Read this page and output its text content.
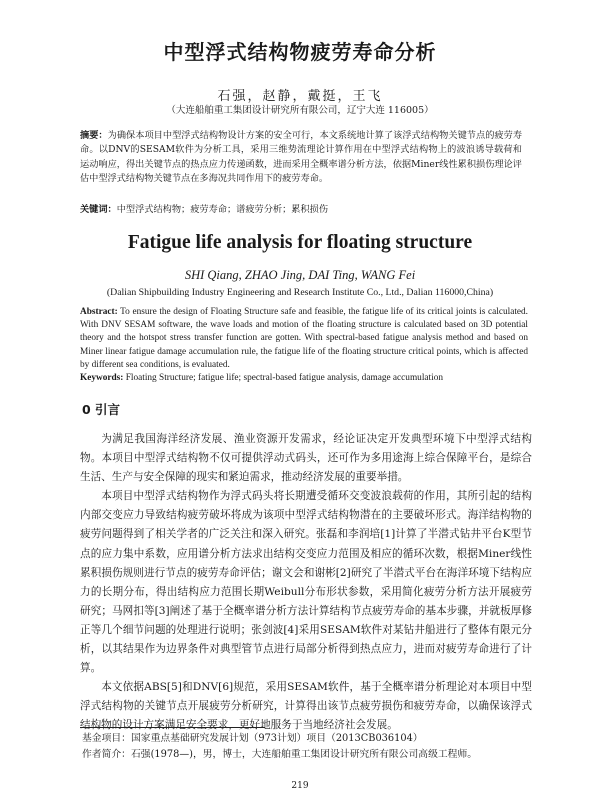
中型浮式结构物疲劳寿命分析
石强，赵静，戴挺，王飞
（大连船舶重工集团设计研究所有限公司，辽宁大连 116005）
摘要：为确保本项目中型浮式结构物设计方案的安全可行，本文系统地计算了该浮式结构物关键节点的疲劳寿命。以DNV的SESAM软件为分析工具，采用三维势流理论计算作用在中型浮式结构物上的波浪诱导载荷和运动响应，得出关键节点的热点应力传递函数，进而采用全概率谱分析方法，依据Miner线性累积损伤理论评估中型浮式结构物关键节点在多海况共同作用下的疲劳寿命。
关键词：中型浮式结构物；疲劳寿命；谱疲劳分析；累积损伤
Fatigue life analysis for floating structure
SHI Qiang, ZHAO Jing, DAI Ting, WANG Fei
(Dalian Shipbuilding Industry Engineering and Research Institute Co., Ltd., Dalian 116000,China)
Abstract: To ensure the design of Floating Structure safe and feasible, the fatigue life of its critical joints is calculated. With DNV SESAM software, the wave loads and motion of the floating structure is calculated based on 3D potential theory and the hotspot stress transfer function are gotten. With spectral-based fatigue analysis method and based on Miner linear fatigue damage accumulation rule, the fatigue life of the floating structure critical points, which is affected by different sea conditions, is evaluated.
Keywords: Floating Structure; fatigue life; spectral-based fatigue analysis, damage accumulation
0 引言

为满足我国海洋经济发展、渔业资源开发需求，经论证决定开发典型环境下中型浮式结构物。本项目中型浮式结构物不仅可提供浮动式码头，还可作为多用途海上综合保障平台，是综合生活、生产与安全保障的现实和紧迫需求，推动经济发展的重要举措。

本项目中型浮式结构物作为浮式码头将长期遭受循环交变波浪载荷的作用，其所引起的结构内部交变应力导致结构疲劳破坏将成为该项中型浮式结构物潜在的主要破坏形式。海洋结构物的疲劳问题得到了相关学者的广泛关注和深入研究。张磊和李润培[1]计算了半潜式钻井平台K型节点的应力集中系数，应用谱分析方法求出结构交变应力范围及相应的循环次数，根据Miner线性累积损伤规则进行节点的疲劳寿命评估；谢文会和谢彬[2]研究了半潜式平台在海洋环境下结构应力的长期分布，得出结构应力范围长期Weibull分布形状参数，采用简化疲劳分析方法开展疲劳研究；马网扣等[3]阐述了基于全概率谱分析方法计算结构节点疲劳寿命的基本步骤，并就板厚修正等几个细节问题的处理进行说明；张剑波[4]采用SESAM软件对某钻井船进行了整体有限元分析，以其结果作为边界条件对典型管节点进行局部分析得到热点应力，进而对疲劳寿命进行了计算。

本文依据ABS[5]和DNV[6]规范，采用SESAM软件，基于全概率谱分析理论对本项目中型浮式结构物的关键节点开展疲劳分析研究，计算得出该节点疲劳损伤和疲劳寿命，以确保该浮式结构物的设计方案满足安全要求，更好地服务于当地经济社会发展。

基金项目：国家重点基础研究发展计划（973计划）项目（2013CB036104）
作者简介：石强(1978—)，男，博士，大连船舶重工集团设计研究所有限公司高级工程师。
219
